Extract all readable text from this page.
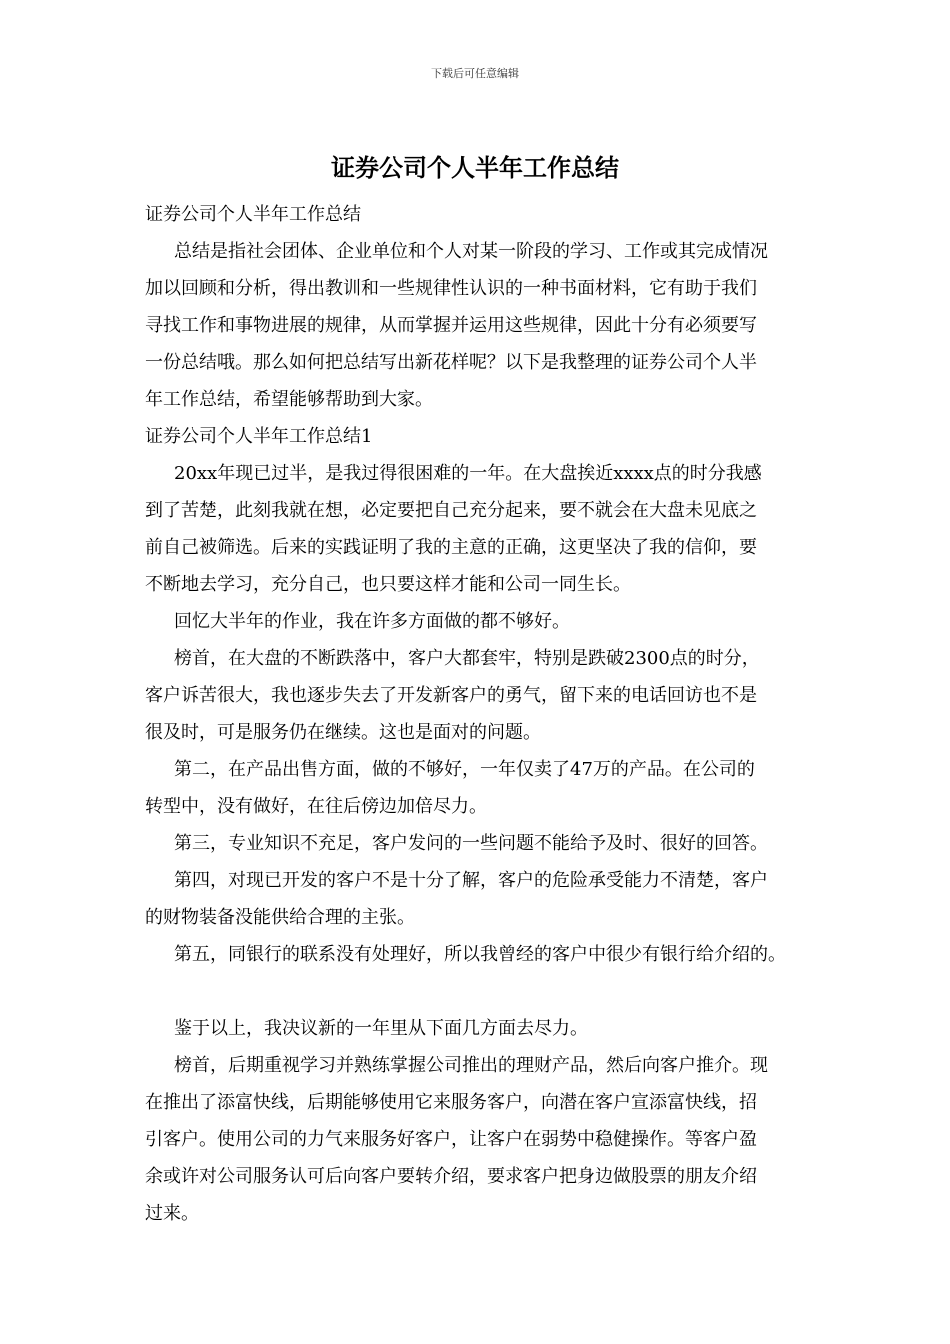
下载后可任意编辑
证券公司个人半年工作总结
证券公司个人半年工作总结
总结是指社会团体、企业单位和个人对某一阶段的学习、工作或其完成情况
加以回顾和分析，得出教训和一些规律性认识的一种书面材料，它有助于我们
寻找工作和事物进展的规律，从而掌握并运用这些规律，因此十分有必须要写
一份总结哦。那么如何把总结写出新花样呢？以下是我整理的证券公司个人半
年工作总结，希望能够帮助到大家。
证券公司个人半年工作总结1
20xx年现已过半，是我过得很困难的一年。在大盘挨近xxxx点的时分我感
到了苦楚，此刻我就在想，必定要把自己充分起来，要不就会在大盘未见底之
前自己被筛选。后来的实践证明了我的主意的正确，这更坚决了我的信仰，要
不断地去学习，充分自己，也只要这样才能和公司一同生长。
回忆大半年的作业，我在许多方面做的都不够好。
榜首，在大盘的不断跌落中，客户大都套牢，特别是跌破2300点的时分，
客户诉苦很大，我也逐步失去了开发新客户的勇气，留下来的电话回访也不是
很及时，可是服务仍在继续。这也是面对的问题。
第二，在产品出售方面，做的不够好，一年仅卖了47万的产品。在公司的
转型中，没有做好，在往后傍边加倍尽力。
第三，专业知识不充足，客户发问的一些问题不能给予及时、很好的回答。
第四，对现已开发的客户不是十分了解，客户的危险承受能力不清楚，客户
的财物装备没能供给合理的主张。
第五，同银行的联系没有处理好，所以我曾经的客户中很少有银行给介绍的。
鉴于以上，我决议新的一年里从下面几方面去尽力。
榜首，后期重视学习并熟练掌握公司推出的理财产品，然后向客户推介。现
在推出了添富快线，后期能够使用它来服务客户，向潜在客户宣添富快线，招
引客户。使用公司的力气来服务好客户，让客户在弱势中稳健操作。等客户盈
余或许对公司服务认可后向客户要转介绍，要求客户把身边做股票的朋友介绍
过来。
